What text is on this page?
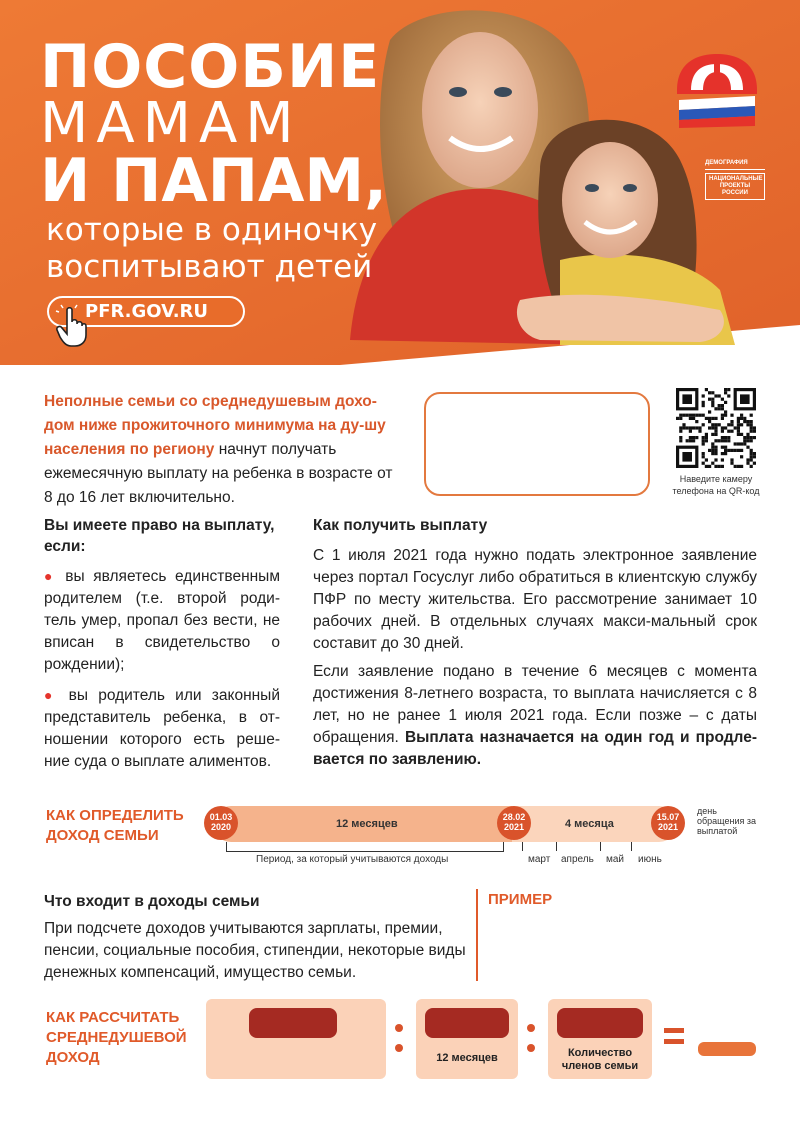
ПОСОБИЕ
МАМАМ
И ПАПАМ,
которые в одиночку
воспитывают детей
PFR.GOV.RU
ДЕМОГРАФИЯ
НАЦИОНАЛЬНЫЕ ПРОЕКТЫ РОССИИ
Неполные семьи со среднедушевым дохо-дом ниже прожиточного минимума на ду-шу населения по региону начнут получать ежемесячную выплату на ребенка в возрасте от 8 до 16 лет включительно.
Наведите камеру телефона на QR-код
Вы имеете право на выплату, если:
● вы являетесь единственным родителем (т.е. второй роди-тель умер, пропал без вести, не вписан в свидетельство о рождении);
● вы родитель или законный представитель ребенка, в от-ношении которого есть реше-ние суда о выплате алиментов.
Как получить выплату
С 1 июля 2021 года нужно подать электронное заявление через портал Госуслуг либо обратиться в клиентскую службу ПФР по месту жительства. Его рассмотрение занимает 10 рабочих дней. В отдельных случаях макси-мальный срок составит до 30 дней.
Если заявление подано в течение 6 месяцев с момента достижения 8-летнего возраста, то выплата начисляется с 8 лет, но не ранее 1 июля 2021 года. Если позже – с даты обращения. Выплата назначается на один год и продле-вается по заявлению.
КАК ОПРЕДЕЛИТЬ
ДОХОД СЕМЬИ
12 месяцев	4 месяца
01.03 2020
28.02 2021
15.07 2021
день обращения за выплатой
Период, за который учитываются доходы	март апрель май июнь
Что входит в доходы семьи
При подсчете доходов учитываются зарплаты, премии, пенсии, социальные пособия, стипендии, некоторые виды денежных компенсаций, имущество семьи.
ПРИМЕР
КАК РАССЧИТАТЬ
СРЕДНЕДУШЕВОЙ
ДОХОД	12 месяцев	Количество членов семьи
